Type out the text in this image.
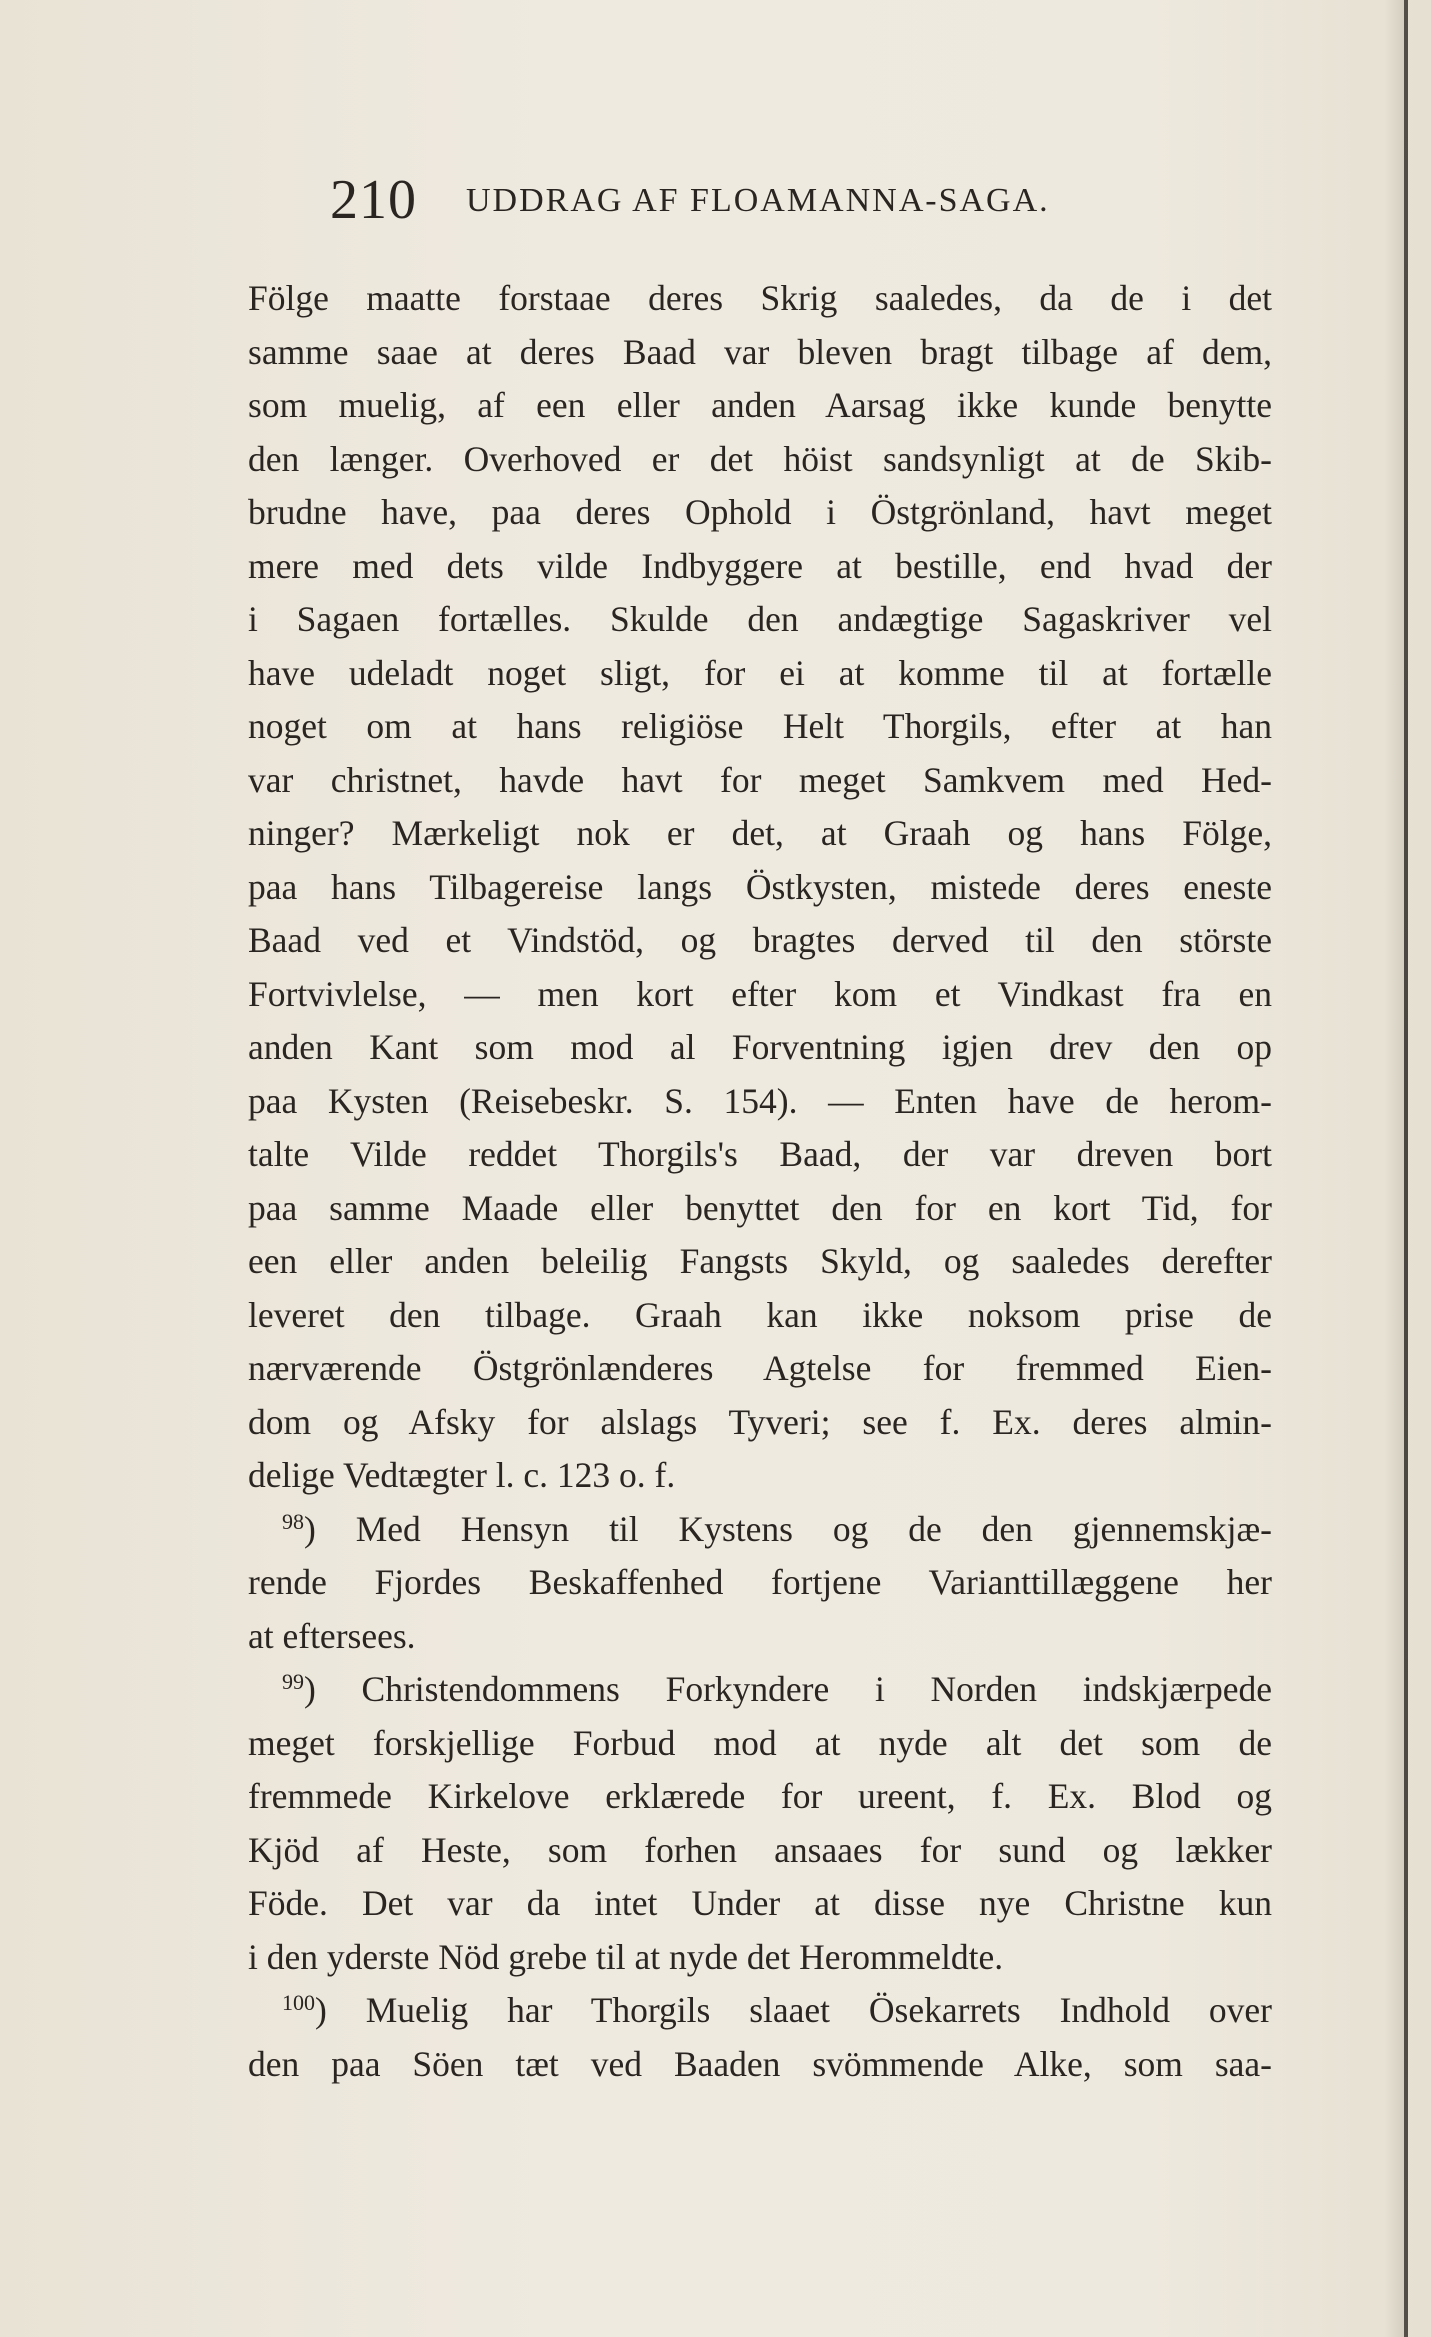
210 UDDRAG AF FLOAMANNA-SAGA.
Fölge maatte forstaae deres Skrig saaledes, da de i det
samme saae at deres Baad var bleven bragt tilbage af dem,
som muelig, af een eller anden Aarsag ikke kunde benytte
den længer. Overhoved er det höist sandsynligt at de Skib-
brudne have, paa deres Ophold i Östgrönland, havt meget
mere med dets vilde Indbyggere at bestille, end hvad der
i Sagaen fortælles. Skulde den andægtige Sagaskriver vel
have udeladt noget sligt, for ei at komme til at fortælle
noget om at hans religiöse Helt Thorgils, efter at han
var christnet, havde havt for meget Samkvem med Hed-
ninger? Mærkeligt nok er det, at Graah og hans Fölge,
paa hans Tilbagereise langs Östkysten, mistede deres eneste
Baad ved et Vindstöd, og bragtes derved til den störste
Fortvivlelse, — men kort efter kom et Vindkast fra en
anden Kant som mod al Forventning igjen drev den op
paa Kysten (Reisebeskr. S. 154). — Enten have de herom-
talte Vilde reddet Thorgils's Baad, der var dreven bort
paa samme Maade eller benyttet den for en kort Tid, for
een eller anden beleilig Fangsts Skyld, og saaledes derefter
leveret den tilbage. Graah kan ikke noksom prise de
nærværende Östgrönlænderes Agtelse for fremmed Eien-
dom og Afsky for alslags Tyveri; see f. Ex. deres almin-
delige Vedtægter l. c. 123 o. f.
$^{98}$) Med Hensyn til Kystens og de den gjennemskjæ-
rende Fjordes Beskaffenhed fortjene Varianttillæggene her
at eftersees.
$^{99}$) Christendommens Forkyndere i Norden indskjærpede
meget forskjellige Forbud mod at nyde alt det som de
fremmede Kirkelove erklærede for ureent, f. Ex. Blod og
Kjöd af Heste, som forhen ansaaes for sund og lækker
Föde. Det var da intet Under at disse nye Christne kun
i den yderste Nöd grebe til at nyde det Herommeldte.
$^{100}$) Muelig har Thorgils slaaet Ösekarrets Indhold over
den paa Söen tæt ved Baaden svömmende Alke, som saa-
